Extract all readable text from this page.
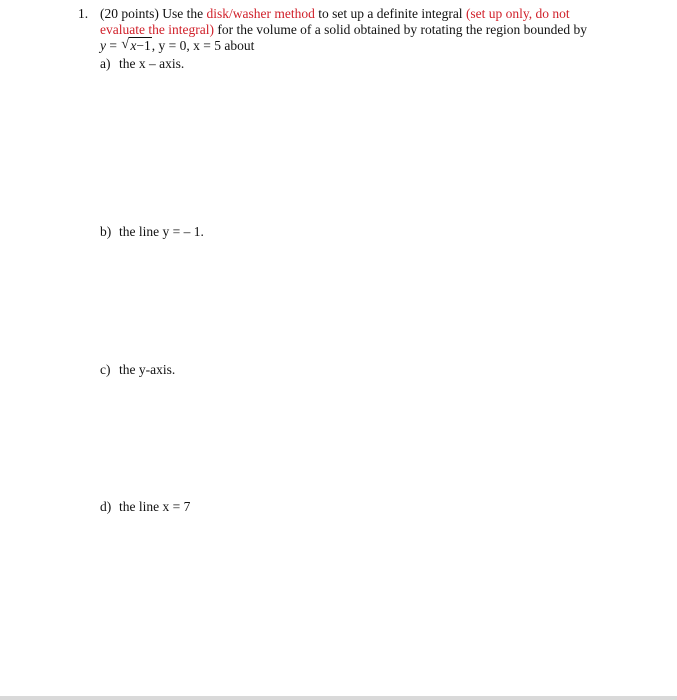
1. (20 points) Use the disk/washer method to set up a definite integral (set up only, do not
evaluate the integral) for the volume of a solid obtained by rotating the region bounded by
y = √ x−1, y = 0, x = 5 about
a) the x – axis.
b) the line y = – 1.
c) the y-axis.
d) the line x = 7
